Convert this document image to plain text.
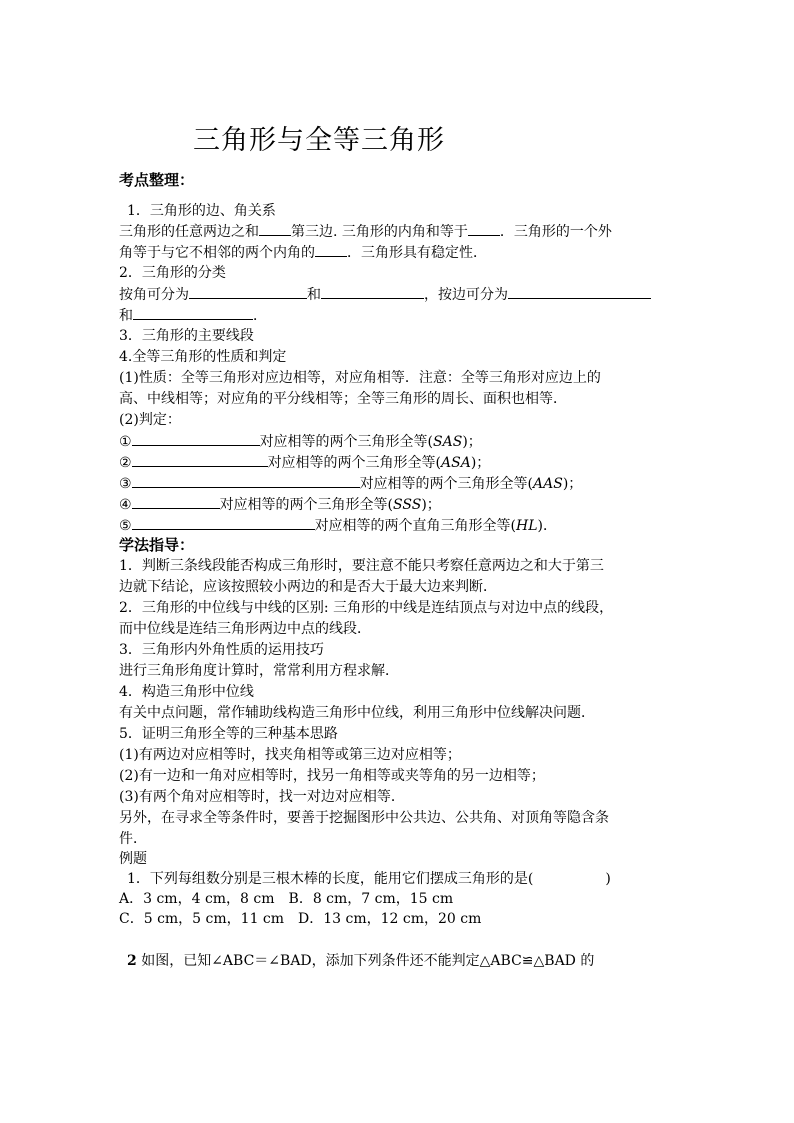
三角形与全等三角形
考点整理：
1．三角形的边、角关系
三角形的任意两边之和 第三边. 三角形的内角和等于 ．三角形的一个外
角等于与它不相邻的两个内角的 ．三角形具有稳定性．
2．三角形的分类
按角可分为	和	，按边可分为
和	．
3．三角形的主要线段
4.全等三角形的性质和判定
(1)性质：全等三角形对应边相等，对应角相等．注意：全等三角形对应边上的
高、中线相等；对应角的平分线相等；全等三角形的周长、面积也相等．
(2)判定：
①	对应相等的两个三角形全等(SAS)；
②	对应相等的两个三角形全等(ASA)；
③	对应相等的两个三角形全等(AAS)；
④	对应相等的两个三角形全等(SSS)；
⑤	对应相等的两个直角三角形全等(HL)．
学法指导：
1．判断三条线段能否构成三角形时，要注意不能只考察任意两边之和大于第三
边就下结论，应该按照较小两边的和是否大于最大边来判断．
2．三角形的中位线与中线的区别: 三角形的中线是连结顶点与对边中点的线段，
而中位线是连结三角形两边中点的线段．
3．三角形内外角性质的运用技巧
进行三角形角度计算时，常常利用方程求解．
4．构造三角形中位线
有关中点问题，常作辅助线构造三角形中位线，利用三角形中位线解决问题．
5．证明三角形全等的三种基本思路
(1)有两边对应相等时，找夹角相等或第三边对应相等；
(2)有一边和一角对应相等时，找另一角相等或夹等角的另一边相等；
(3)有两个角对应相等时，找一对边对应相等．
另外，在寻求全等条件时，要善于挖掘图形中公共边、公共角、对顶角等隐含条
件．
例题
1．下列每组数分别是三根木棒的长度，能用它们摆成三角形的是(	)
A．3 cm，4 cm，8 cm　B．8 cm，7 cm，15 cm
C．5 cm，5 cm，11 cm　D．13 cm，12 cm，20 cm
2 如图，已知∠ABC＝∠BAD，添加下列条件还不能判定△ABC≌△BAD 的
